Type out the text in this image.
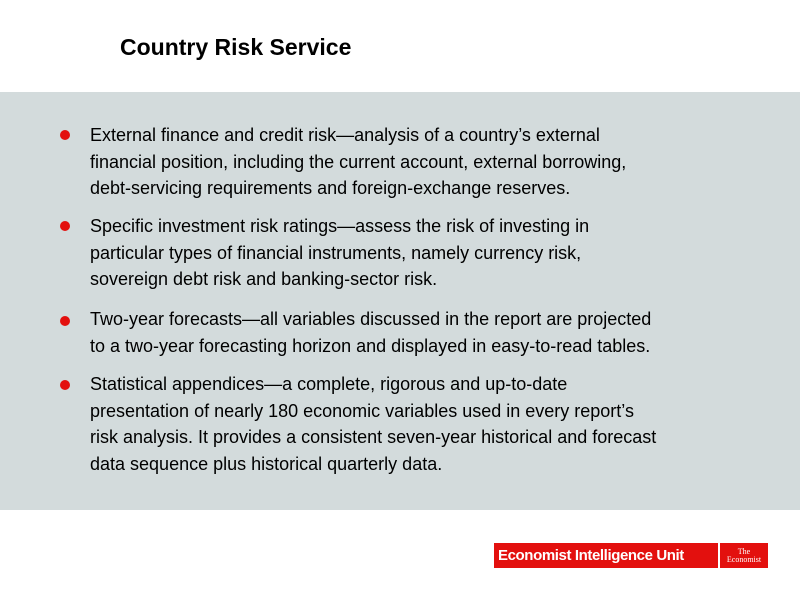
Country Risk Service
External finance and credit risk—analysis of a country’s external
financial position, including the current account, external borrowing,
debt-servicing requirements and foreign-exchange reserves.
Specific investment risk ratings—assess the risk of investing in
particular types of financial instruments, namely currency risk,
sovereign debt risk and banking-sector risk.
Two-year forecasts—all variables discussed in the report are projected
to a two-year forecasting horizon and displayed in easy-to-read tables.
Statistical appendices—a complete, rigorous and up-to-date
presentation of nearly 180 economic variables used in every report’s
risk analysis. It provides a consistent seven-year historical and forecast
data sequence plus historical quarterly data.
Economist Intelligence Unit	The
Economist
